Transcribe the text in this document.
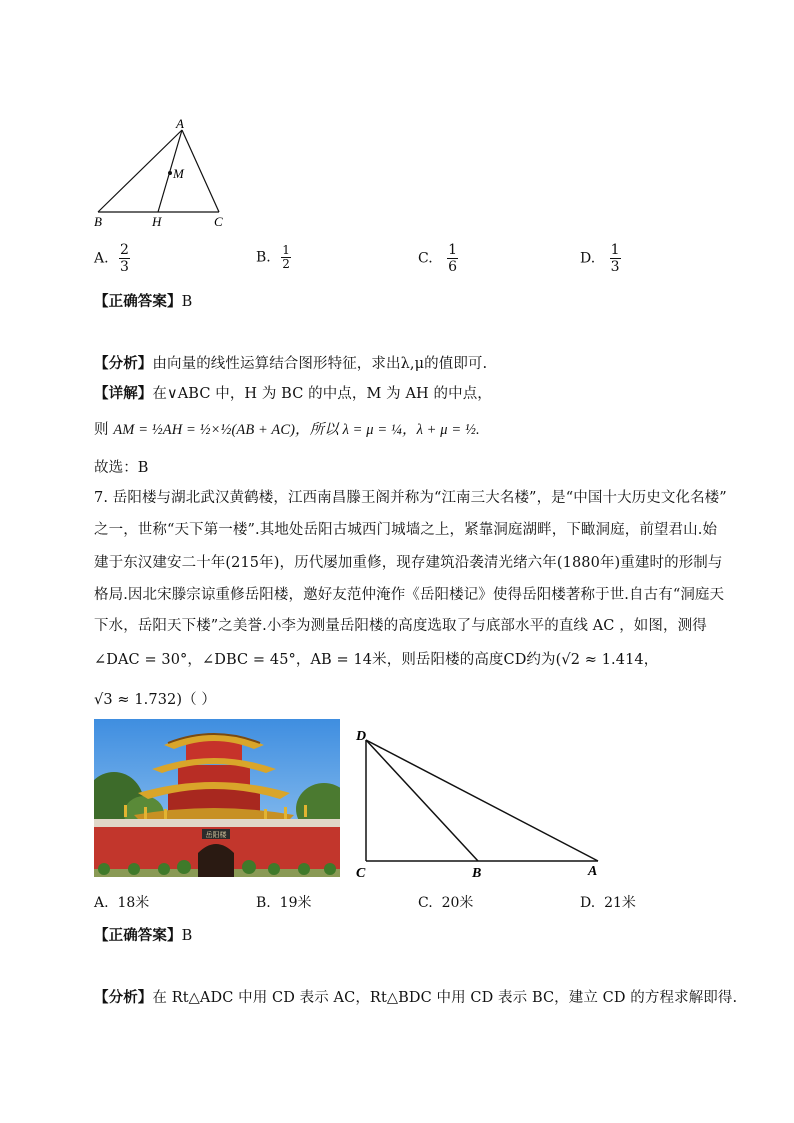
A
M
B	H	C
A. $\frac{2}{3}$	B. $\frac{1}{2}$	C. $\frac{1}{6}$	D. $\frac{1}{3}$
【正确答案】B
【分析】由向量的线性运算结合图形特征，求出λ,μ的值即可.
【详解】在∨ABC 中，H 为 BC 的中点，M 为 AH 的中点，
则 AM = ½AH = ½×½(AB + AC)，所以 λ = μ = ¼，λ + μ = ½.
故选：B
7. 岳阳楼与湖北武汉黄鹤楼，江西南昌滕王阁并称为“江南三大名楼”，是“中国十大历史文化名楼”
之一，世称“天下第一楼”.其地处岳阳古城西门城墙之上，紧靠洞庭湖畔，下瞰洞庭，前望君山.始
建于东汉建安二十年(215年)，历代屡加重修，现存建筑沿袭清光绪六年(1880年)重建时的形制与
格局.因北宋滕宗谅重修岳阳楼，邀好友范仲淹作《岳阳楼记》使得岳阳楼著称于世.自古有“洞庭天
下水，岳阳天下楼”之美誉.小李为测量岳阳楼的高度选取了与底部水平的直线 AC ，如图，测得
∠DAC = 30°，∠DBC = 45°，AB = 14米，则岳阳楼的高度CD约为(√2 ≈ 1.414，
√3 ≈ 1.732)（ ）
岳阳楼
D
C	B	A
A. 18米	B. 19米	C. 20米	D. 21米
【正确答案】B
【分析】在 Rt△ADC 中用 CD 表示 AC，Rt△BDC 中用 CD 表示 BC，建立 CD 的方程求解即得.
